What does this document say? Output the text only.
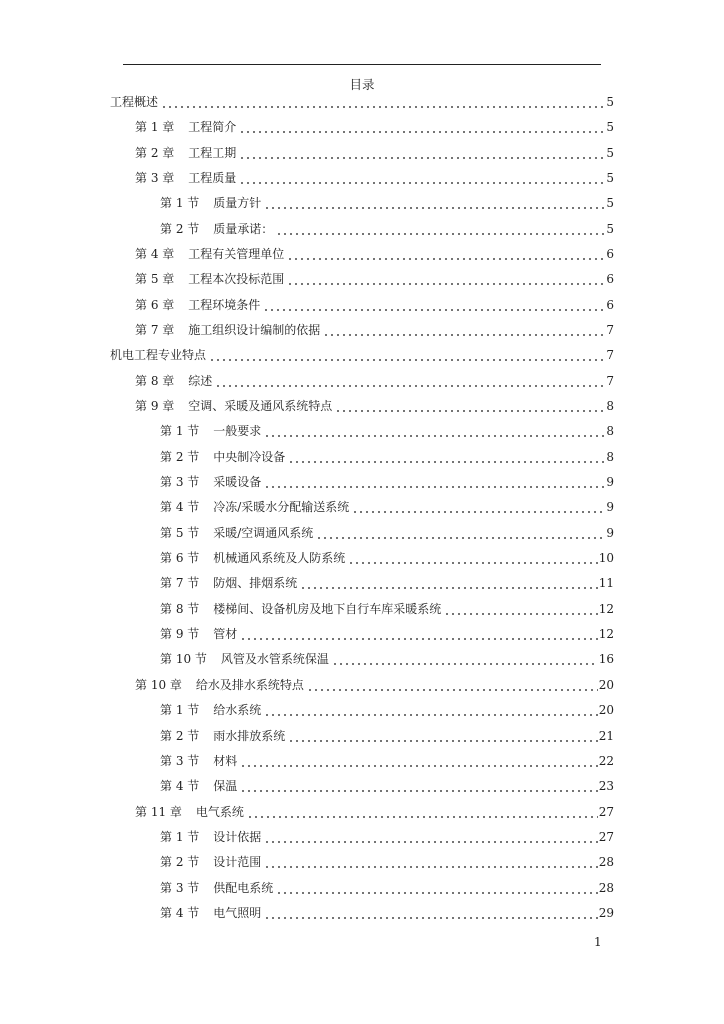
目录
工程概述	5
第 1 章 工程简介	5
第 2 章 工程工期	5
第 3 章 工程质量	5
第 1 节 质量方针	5
第 2 节 质量承诺：	5
第 4 章 工程有关管理单位	6
第 5 章 工程本次投标范围	6
第 6 章 工程环境条件	6
第 7 章 施工组织设计编制的依据	7
机电工程专业特点	7
第 8 章 综述	7
第 9 章 空调、采暖及通风系统特点	8
第 1 节 一般要求	8
第 2 节 中央制冷设备	8
第 3 节 采暖设备	9
第 4 节 冷冻/采暖水分配输送系统	9
第 5 节 采暖/空调通风系统	9
第 6 节 机械通风系统及人防系统	10
第 7 节 防烟、排烟系统	11
第 8 节 楼梯间、设备机房及地下自行车库采暖系统	12
第 9 节 管材	12
第 10 节 风管及水管系统保温	16
第 10 章 给水及排水系统特点	20
第 1 节 给水系统	20
第 2 节 雨水排放系统	21
第 3 节 材料	22
第 4 节 保温	23
第 11 章 电气系统	27
第 1 节 设计依据	27
第 2 节 设计范围	28
第 3 节 供配电系统	28
第 4 节 电气照明	29
1
